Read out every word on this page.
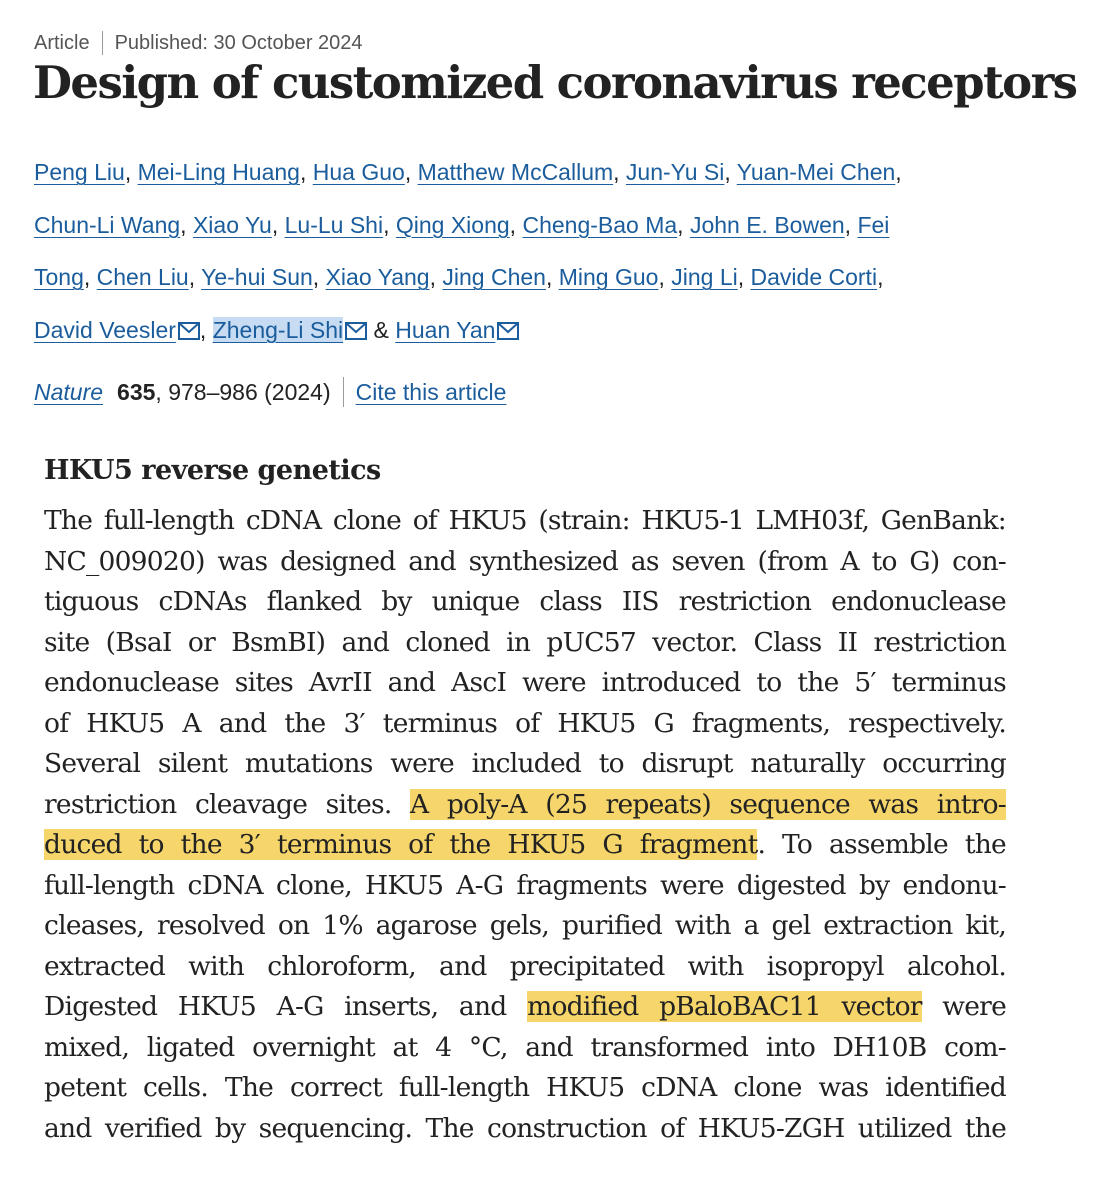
Article Published: 30 October 2024
Design of customized coronavirus receptors
Peng Liu, Mei-Ling Huang, Hua Guo, Matthew McCallum, Jun-Yu Si, Yuan-Mei Chen,
Chun-Li Wang, Xiao Yu, Lu-Lu Shi, Qing Xiong, Cheng-Bao Ma, John E. Bowen, Fei
Tong, Chen Liu, Ye-hui Sun, Xiao Yang, Jing Chen, Ming Guo, Jing Li, Davide Corti,
David Veesler , Zheng-Li Shi & Huan Yan
Nature 635 , 978–986 (2024) Cite this article
HKU5 reverse genetics
The full-length cDNA clone of HKU5 (strain: HKU5-1 LMH03f, GenBank:
NC_009020) was designed and synthesized as seven (from A to G) con-
tiguous cDNAs flanked by unique class IIS restriction endonuclease
site (BsaI or BsmBI) and cloned in pUC57 vector. Class II restriction
endonuclease sites AvrII and AscI were introduced to the 5′ terminus
of HKU5 A and the 3′ terminus of HKU5 G fragments, respectively.
Several silent mutations were included to disrupt naturally occurring
restriction cleavage sites. A poly-A (25 repeats) sequence was intro-
duced to the 3′ terminus of the HKU5 G fragment. To assemble the
full-length cDNA clone, HKU5 A-G fragments were digested by endonu-
cleases, resolved on 1% agarose gels, purified with a gel extraction kit,
extracted with chloroform, and precipitated with isopropyl alcohol.
Digested HKU5 A-G inserts, and modified pBaloBAC11 vector were
mixed, ligated overnight at 4 °C, and transformed into DH10B com-
petent cells. The correct full-length HKU5 cDNA clone was identified
and verified by sequencing. The construction of HKU5-ZGH utilized the
